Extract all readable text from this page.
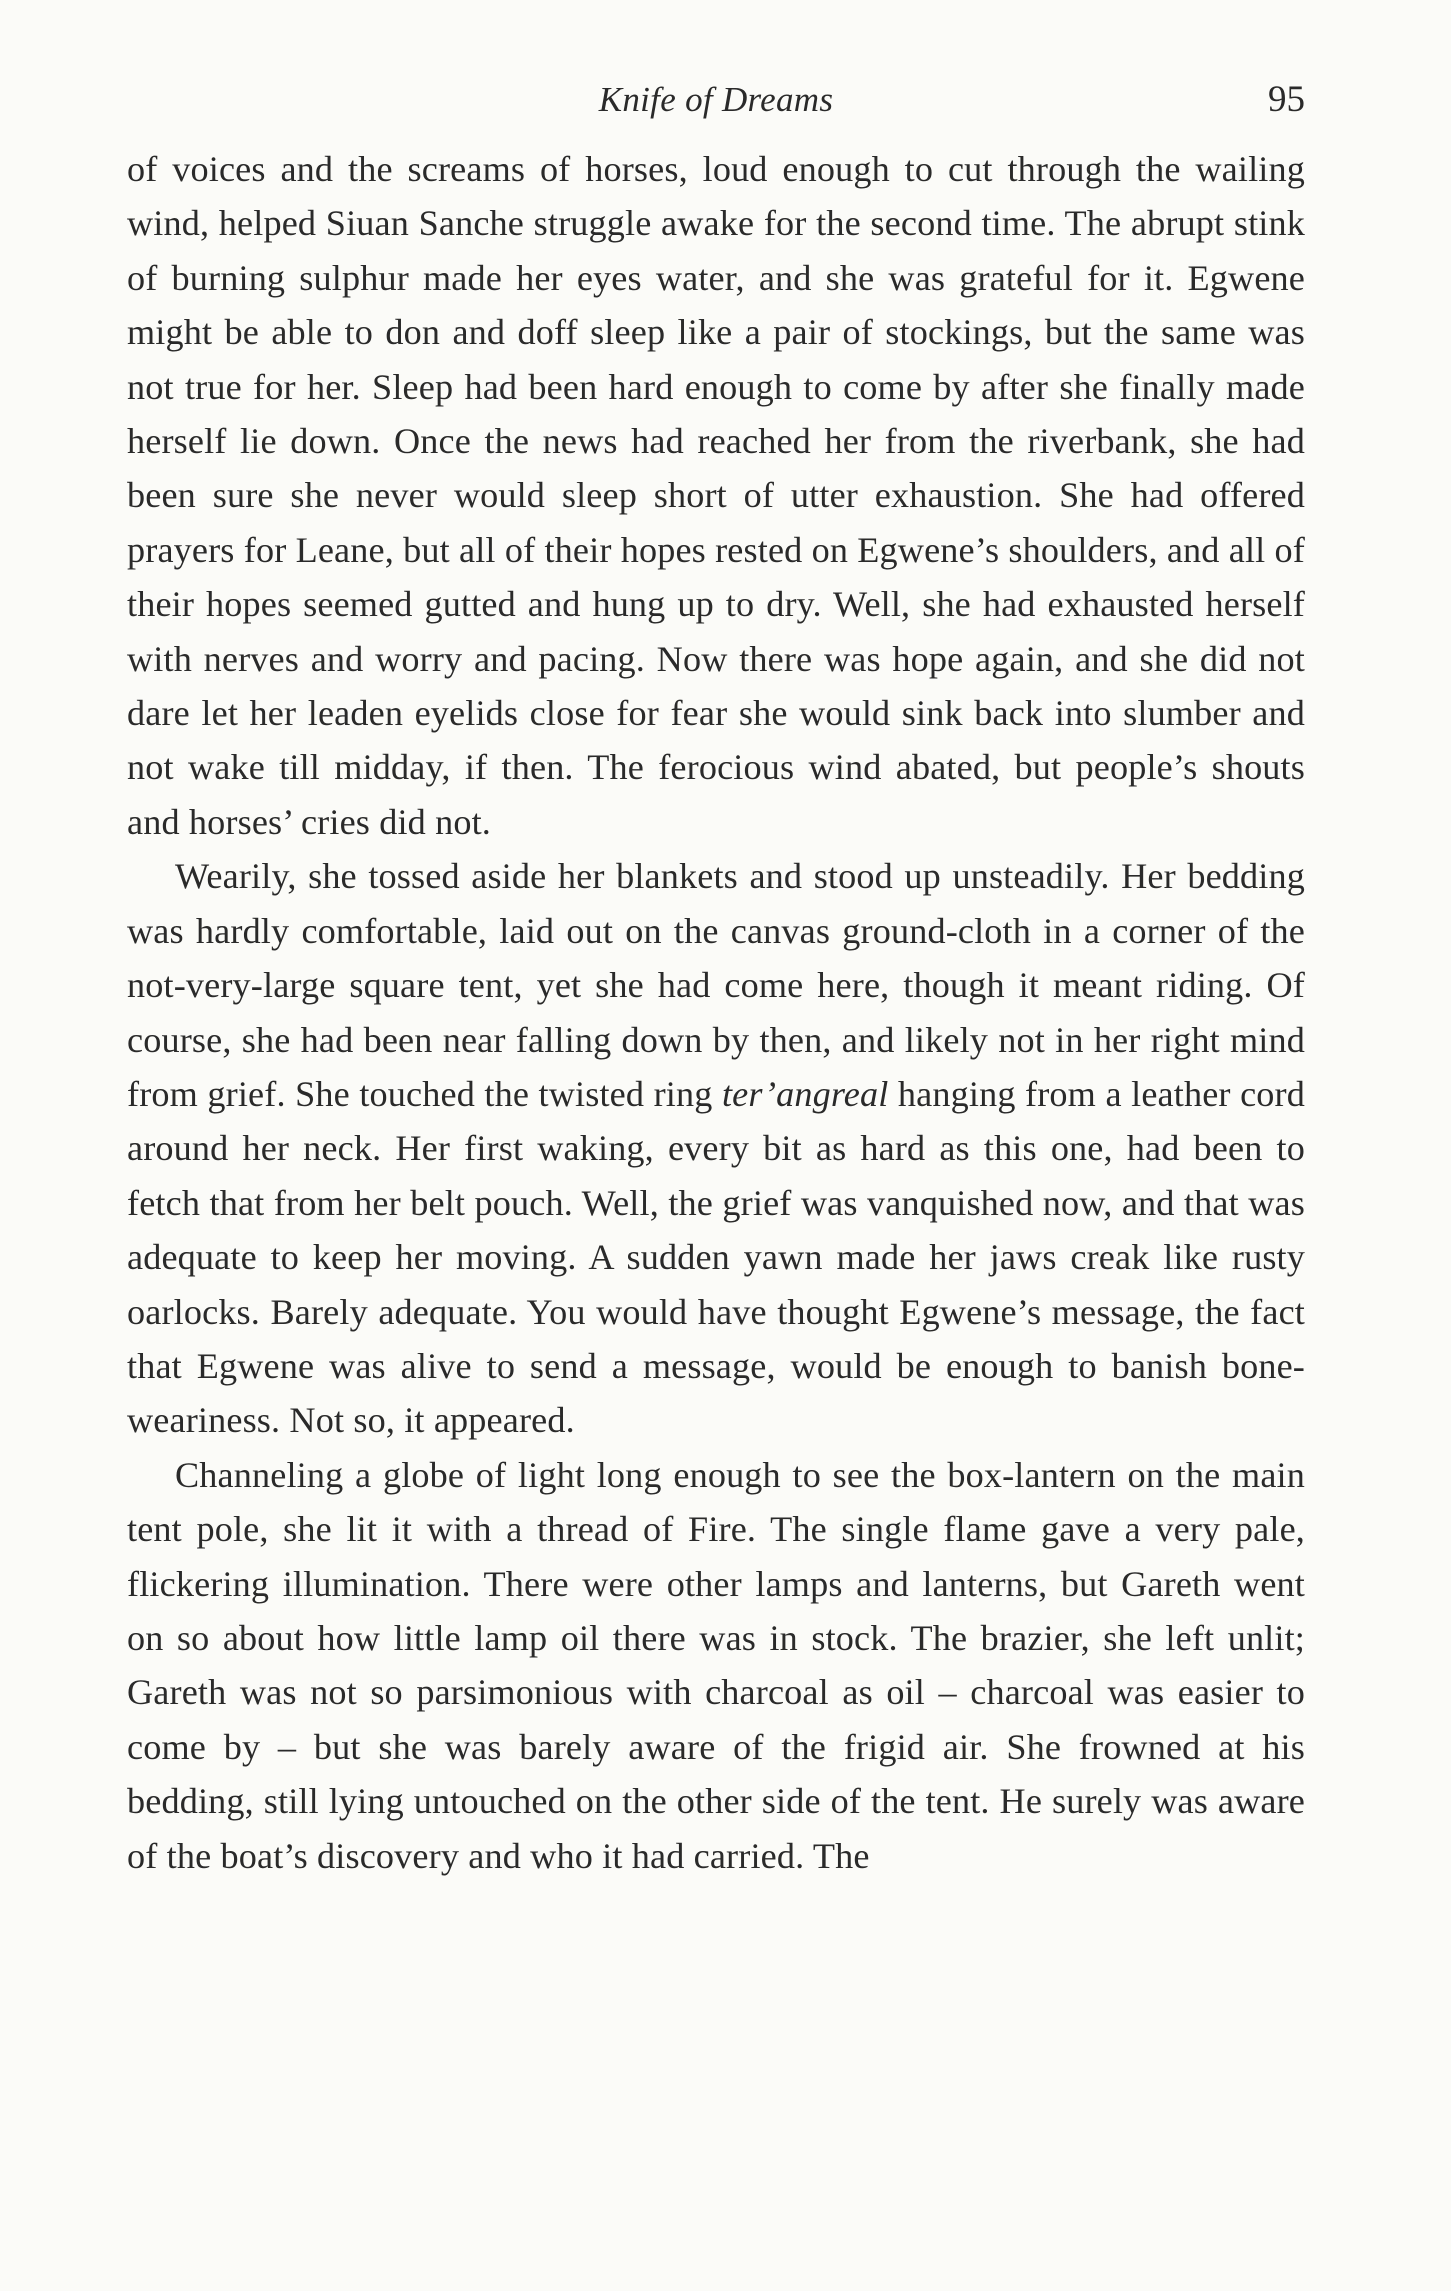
Knife of Dreams	95

of voices and the screams of horses, loud enough to cut through the wailing wind, helped Siuan Sanche struggle awake for the second time. The abrupt stink of burning sulphur made her eyes water, and she was grateful for it. Egwene might be able to don and doff sleep like a pair of stockings, but the same was not true for her. Sleep had been hard enough to come by after she finally made herself lie down. Once the news had reached her from the riverbank, she had been sure she never would sleep short of utter exhaustion. She had offered prayers for Leane, but all of their hopes rested on Egwene’s shoulders, and all of their hopes seemed gutted and hung up to dry. Well, she had exhausted herself with nerves and worry and pacing. Now there was hope again, and she did not dare let her leaden eyelids close for fear she would sink back into slumber and not wake till midday, if then. The ferocious wind abated, but people’s shouts and horses’ cries did not.

Wearily, she tossed aside her blankets and stood up unsteadily. Her bedding was hardly comfortable, laid out on the canvas ground-cloth in a corner of the not-very-large square tent, yet she had come here, though it meant riding. Of course, she had been near falling down by then, and likely not in her right mind from grief. She touched the twisted ring ter’angreal hanging from a leather cord around her neck. Her first waking, every bit as hard as this one, had been to fetch that from her belt pouch. Well, the grief was vanquished now, and that was adequate to keep her moving. A sudden yawn made her jaws creak like rusty oarlocks. Barely adequate. You would have thought Egwene’s message, the fact that Egwene was alive to send a message, would be enough to banish bone-weariness. Not so, it appeared.

Channeling a globe of light long enough to see the box-lantern on the main tent pole, she lit it with a thread of Fire. The single flame gave a very pale, flickering illumination. There were other lamps and lanterns, but Gareth went on so about how little lamp oil there was in stock. The brazier, she left unlit; Gareth was not so parsimonious with charcoal as oil – charcoal was easier to come by – but she was barely aware of the frigid air. She frowned at his bedding, still lying untouched on the other side of the tent. He surely was aware of the boat’s discovery and who it had carried. The
